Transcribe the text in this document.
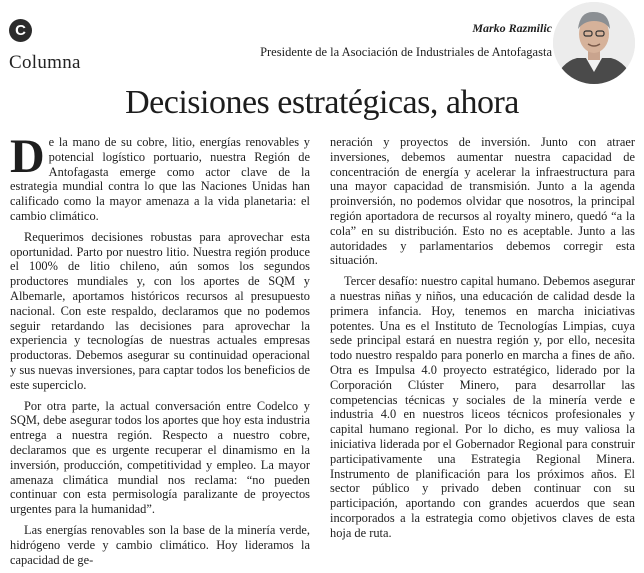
C
Columna
Marko Razmilic
Presidente de la Asociación de Industriales de Antofagasta
Decisiones estratégicas, ahora

De la mano de su cobre, litio, energías renovables y potencial logístico portuario, nuestra Región de Antofagasta emerge como actor clave de la estrategia mundial contra lo que las Naciones Unidas han calificado como la mayor amenaza a la vida planetaria: el cambio climático.

Requerimos decisiones robustas para aprovechar esta oportunidad. Parto por nuestro litio. Nuestra región produce el 100% de litio chileno, aún somos los segundos productores mundiales y, con los aportes de SQM y Albemarle, aportamos históricos recursos al presupuesto nacional. Con este respaldo, declaramos que no podemos seguir retardando las decisiones para aprovechar la experiencia y tecnologías de nuestras actuales empresas productoras. Debemos asegurar su continuidad operacional y sus nuevas inversiones, para captar todos los beneficios de este superciclo.

Por otra parte, la actual conversación entre Codelco y SQM, debe asegurar todos los aportes que hoy esta industria entrega a nuestra región. Respecto a nuestro cobre, declaramos que es urgente recuperar el dinamismo en la inversión, producción, competitividad y empleo. La mayor amenaza climática mundial nos reclama: “no pueden continuar con esta permisología paralizante de proyectos urgentes para la humanidad”.

Las energías renovables son la base de la minería verde, hidrógeno verde y cambio climático. Hoy lideramos la capacidad de ge-

neración y proyectos de inversión. Junto con atraer inversiones, debemos aumentar nuestra capacidad de concentración de energía y acelerar la infraestructura para una mayor capacidad de transmisión. Junto a la agenda proinversión, no podemos olvidar que nosotros, la principal región aportadora de recursos al royalty minero, quedó “a la cola” en su distribución. Esto no es aceptable. Junto a las autoridades y parlamentarios debemos corregir esta situación.

Tercer desafío: nuestro capital humano. Debemos asegurar a nuestras niñas y niños, una educación de calidad desde la primera infancia. Hoy, tenemos en marcha iniciativas potentes. Una es el Instituto de Tecnologías Limpias, cuya sede principal estará en nuestra región y, por ello, necesita todo nuestro respaldo para ponerlo en marcha a fines de año. Otra es Impulsa 4.0 proyecto estratégico, liderado por la Corporación Clúster Minero, para desarrollar las competencias técnicas y sociales de la minería verde e industria 4.0 en nuestros liceos técnicos profesionales y capital humano regional. Por lo dicho, es muy valiosa la iniciativa liderada por el Gobernador Regional para construir participativamente una Estrategia Regional Minera. Instrumento de planificación para los próximos años. El sector público y privado deben continuar con su participación, aportando con grandes acuerdos que sean incorporados a la estrategia como objetivos claves de esta hoja de ruta.
